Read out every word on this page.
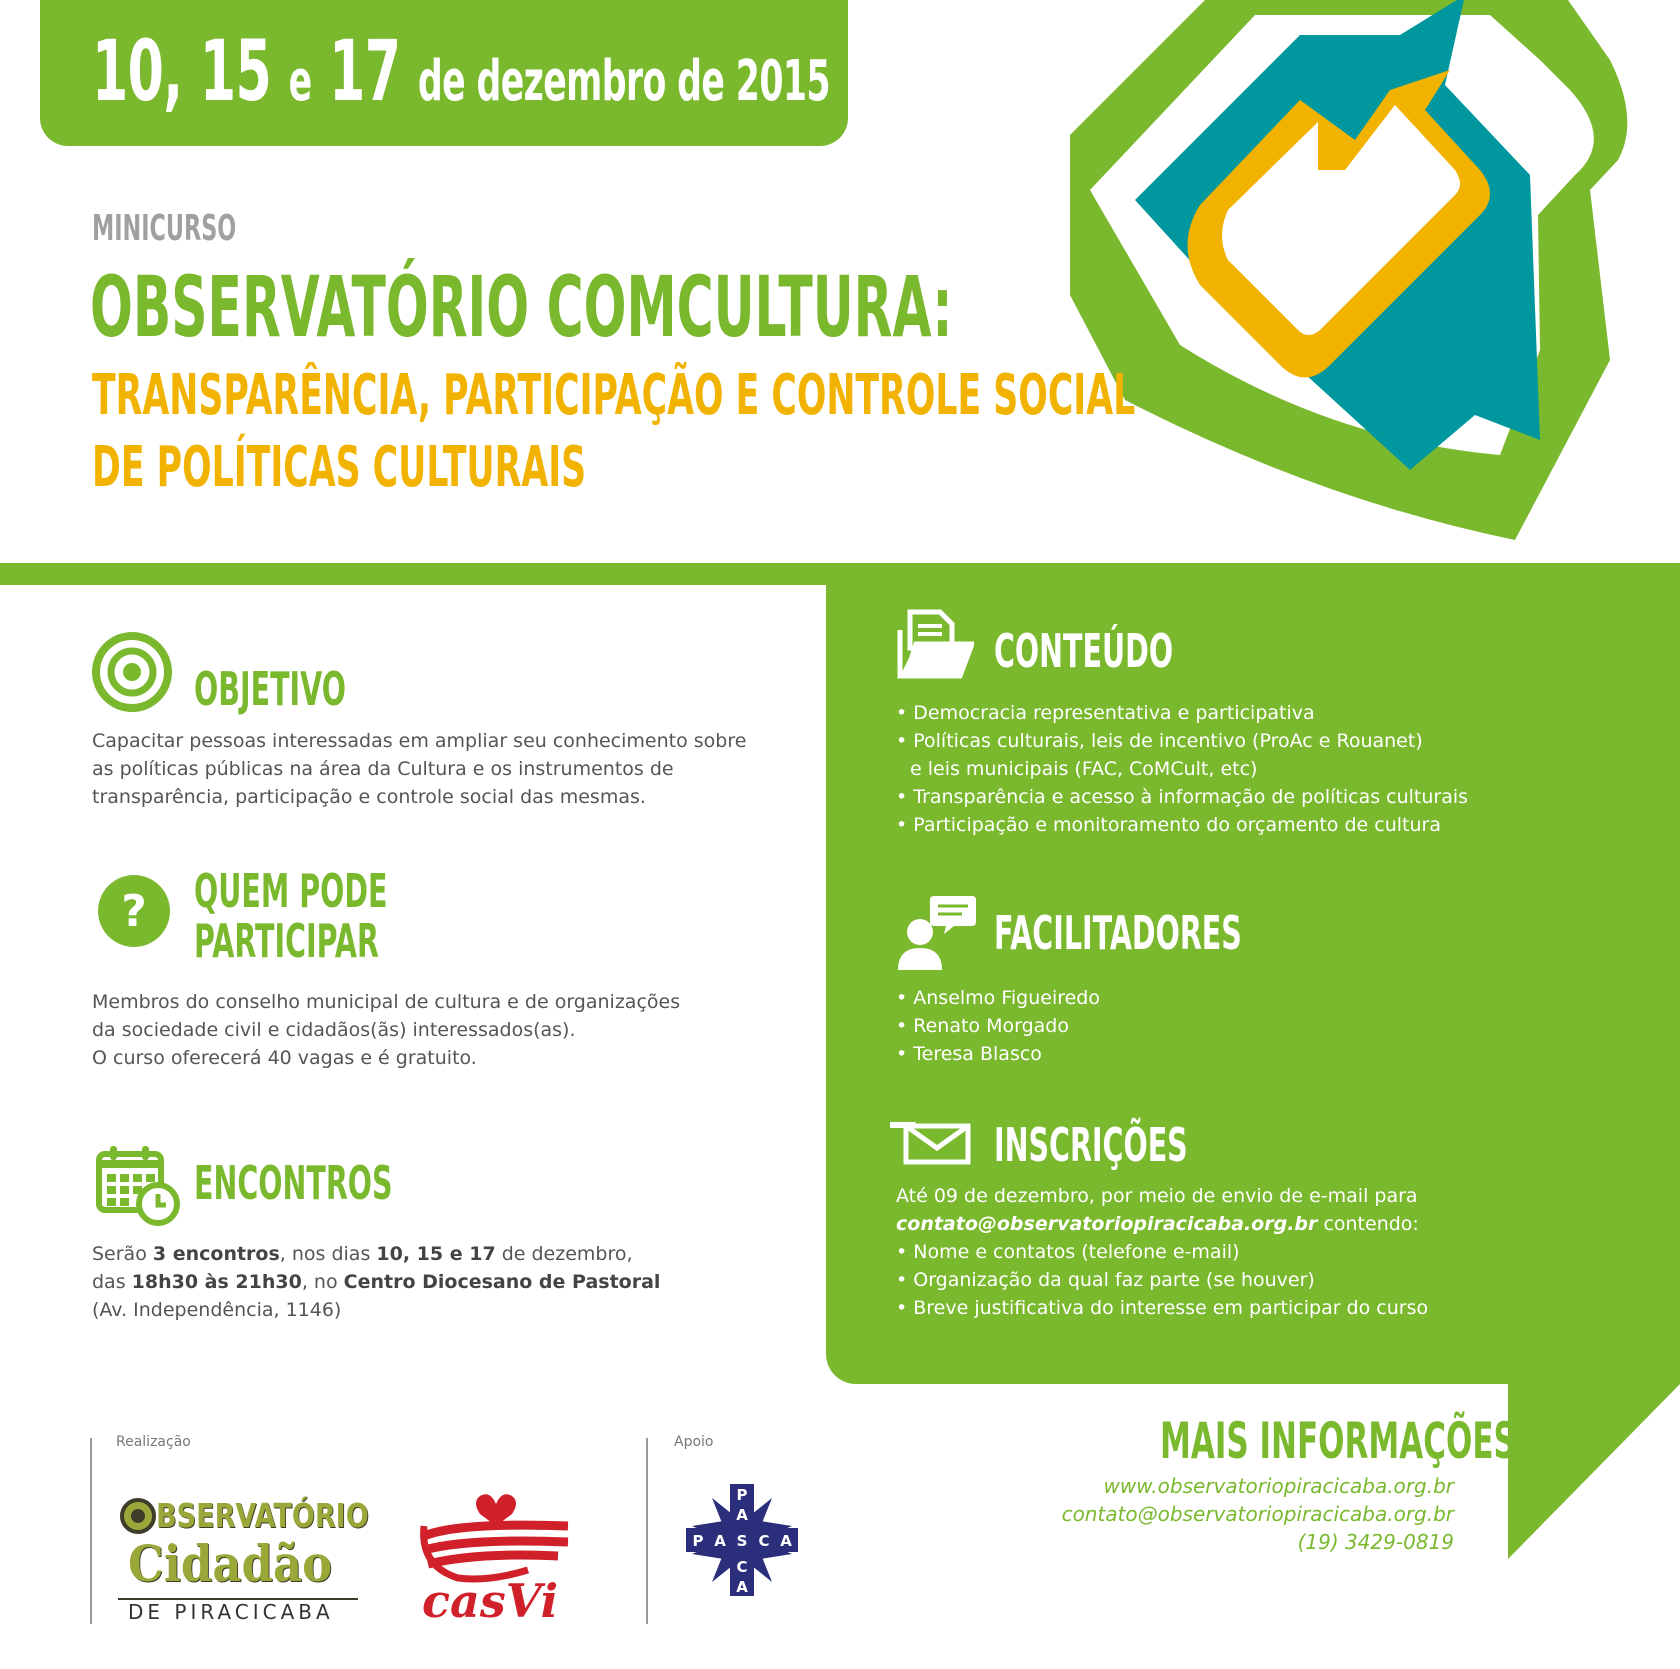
10, 15 e 17 de dezembro de 2015
MINICURSO
OBSERVATÓRIO COMCULTURA:
TRANSPARÊNCIA, PARTICIPAÇÃO E CONTROLE SOCIAL
DE POLÍTICAS CULTURAIS
OBJETIVO
Capacitar pessoas interessadas em ampliar seu conhecimento sobre
as políticas públicas na área da Cultura e os instrumentos de
transparência, participação e controle social das mesmas.
? QUEM PODE
PARTICIPAR
Membros do conselho municipal de cultura e de organizações
da sociedade civil e cidadãos(ãs) interessados(as).
O curso oferecerá 40 vagas e é gratuito.
ENCONTROS
Serão 3 encontros, nos dias 10, 15 e 17 de dezembro,
das 18h30 às 21h30, no Centro Diocesano de Pastoral
(Av. Independência, 1146)
CONTEÚDO
• Democracia representativa e participativa
• Políticas culturais, leis de incentivo (ProAc e Rouanet)
e leis municipais (FAC, CoMCult, etc)
• Transparência e acesso à informação de políticas culturais
• Participação e monitoramento do orçamento de cultura
FACILITADORES
• Anselmo Figueiredo
• Renato Morgado
• Teresa Blasco
INSCRIÇÕES
Até 09 de dezembro, por meio de envio de e-mail para
contato@observatoriopiracicaba.org.br contendo:
• Nome e contatos (telefone e-mail)
• Organização da qual faz parte (se houver)
• Breve justificativa do interesse em participar do curso
MAIS INFORMAÇÕES
www.observatoriopiracicaba.org.br
contato@observatoriopiracicaba.org.br
(19) 3429-0819
Realização	Apoio
BSERVATÓRIO
Cidadão
DE PIRACICABA casVi
P
A
C
A
P A S C A
